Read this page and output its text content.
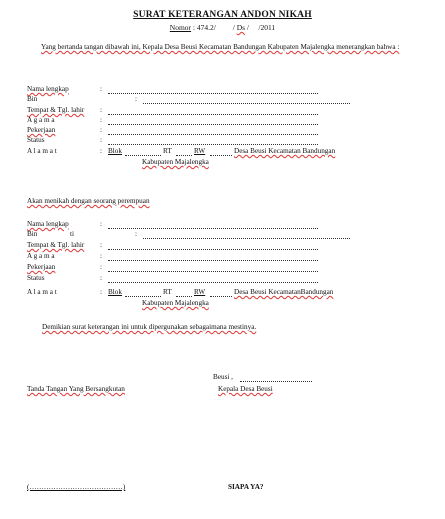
SURAT KETERANGAN ANDON NIKAH
Nomor : 474.2/ / Ds / /2011
Yang bertanda tangan dibawah ini, Kepala Desa Beusi Kecamatan Bandungan Kabupaten Majalengka menerangkan bahwa :
Nama lengkap	:
Bin	:
Tempat & Tgl. lahir :
A g a m a	:
Pekerjaan	:
Status	:
A l a m a t	: Blok	RT	RW	Desa Beusi Kecamatan Bandungan
Kabupaten Majalengka
Akan menikah dengan seorang perempuan
Nama lengkap	:
Bin	ti	:
Tempat & Tgl. lahir :
A g a m a	:
Pekerjaan	:
Status	:
A l a m a t	: Blok	RT	RW	Desa Beusi KecamatanBandungan
Kabupaten Majalengka
Demikian surat keterangan ini untuk dipergunakan sebagaimana mestinya.
Beusi ,
Tanda Tangan Yang Bersangkutan	Kepala Desa Beusi
(…………………………………)	SIAPA YA?
